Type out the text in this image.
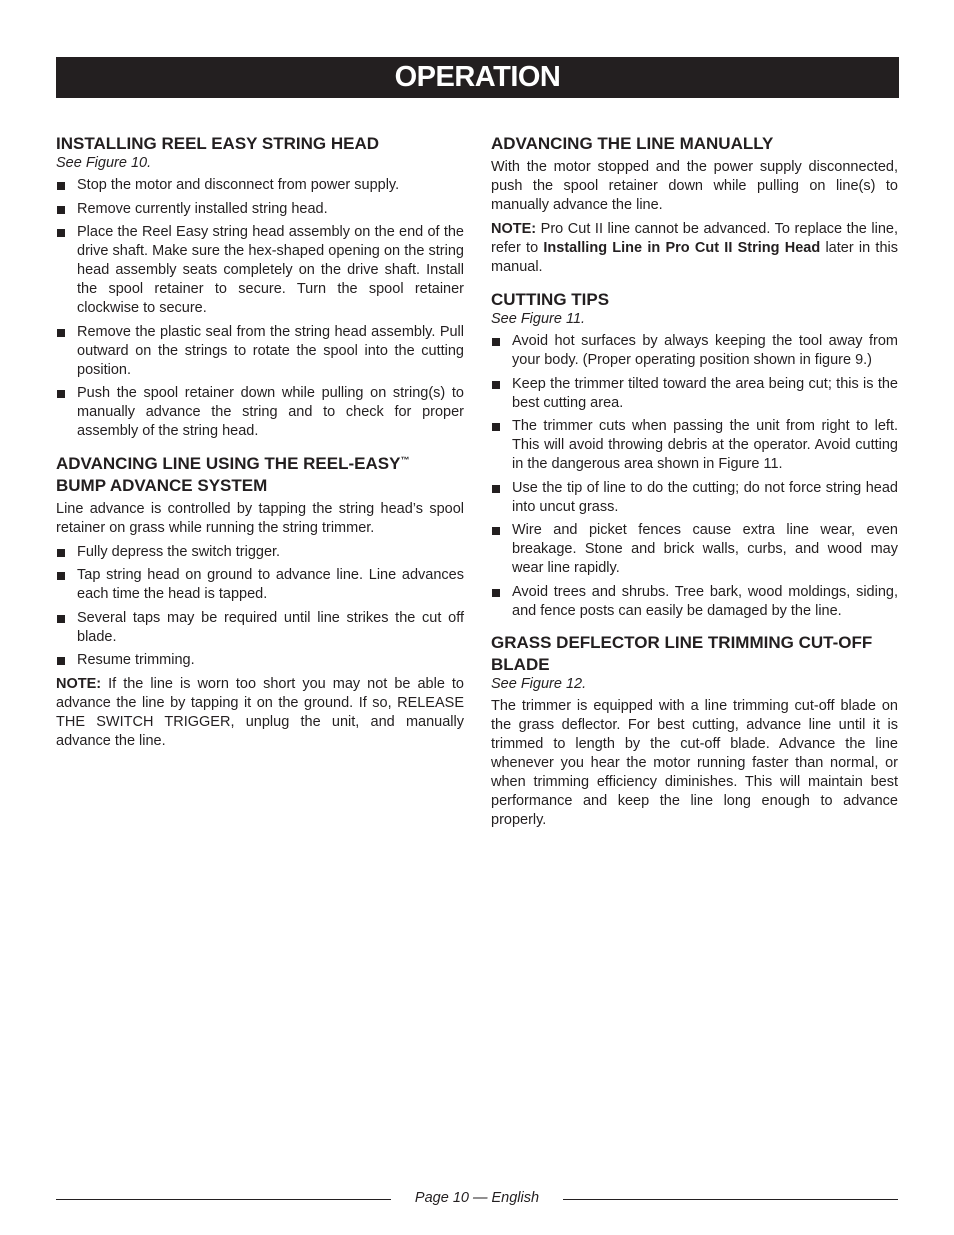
OPERATION
INSTALLING REEL EASY STRING HEAD
See Figure 10.
Stop the motor and disconnect from power supply.
Remove currently installed string head.
Place the Reel Easy string head assembly on the end of the drive shaft. Make sure the hex-shaped opening on the string head assembly seats completely on the drive shaft. Install the spool retainer to secure. Turn the spool retainer clockwise to secure.
Remove the plastic seal from the string head assembly. Pull outward on the strings to rotate the spool into the cutting position.
Push the spool retainer down while pulling on string(s) to manually advance the string and to check for proper assembly of the string head.
ADVANCING LINE USING THE REEL-EASY™
BUMP ADVANCE SYSTEM

Line advance is controlled by tapping the string head’s spool retainer on grass while running the string trimmer.

Fully depress the switch trigger.
Tap string head on ground to advance line. Line advances each time the head is tapped.
Several taps may be required until line strikes the cut off blade.
Resume trimming.

NOTE: If the line is worn too short you may not be able to advance the line by tapping it on the ground. If so, RELEASE THE SWITCH TRIGGER, unplug the unit, and manually advance the line.

ADVANCING THE LINE MANUALLY

With the motor stopped and the power supply disconnected, push the spool retainer down while pulling on line(s) to manually advance the line.

NOTE: Pro Cut II line cannot be advanced. To replace the line, refer to Installing Line in Pro Cut II String Head later in this manual.

CUTTING TIPS
See Figure 11.
Avoid hot surfaces by always keeping the tool away from your body. (Proper operating position shown in figure 9.)
Keep the trimmer tilted toward the area being cut; this is the best cutting area.
The trimmer cuts when passing the unit from right to left. This will avoid throwing debris at the operator. Avoid cutting in the dangerous area shown in Figure 11.
Use the tip of line to do the cutting; do not force string head into uncut grass.
Wire and picket fences cause extra line wear, even breakage. Stone and brick walls, curbs, and wood may wear line rapidly.
Avoid trees and shrubs. Tree bark, wood moldings, siding, and fence posts can easily be damaged by the line.
GRASS DEFLECTOR LINE TRIMMING CUT-OFF BLADE
See Figure 12.

The trimmer is equipped with a line trimming cut-off blade on the grass deflector. For best cutting, advance line until it is trimmed to length by the cut-off blade. Advance the line whenever you hear the motor running faster than normal, or when trimming efficiency diminishes. This will maintain best performance and keep the line long enough to advance properly.

Page 10 — English
